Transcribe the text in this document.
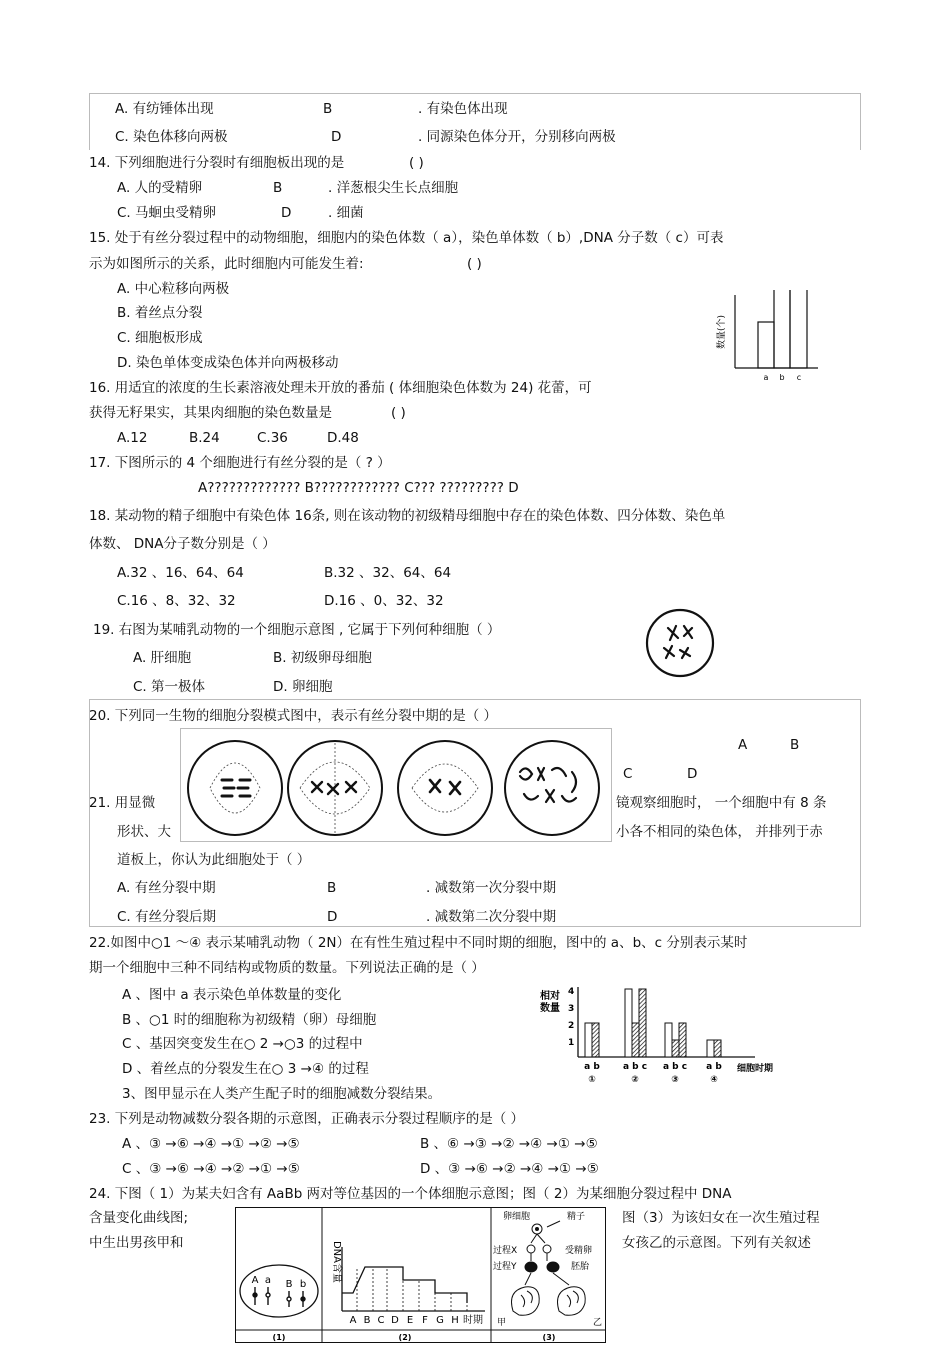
A. 有纺锤体出现	B	. 有染色体出现
C. 染色体移向两极	D	. 同源染色体分开，分别移向两极
14. 下列细胞进行分裂时有细胞板出现的是	( )
A. 人的受精卵	B	. 洋葱根尖生长点细胞
C. 马蛔虫受精卵	D	. 细菌
15. 处于有丝分裂过程中的动物细胞，细胞内的染色体数（ a），染色单体数（ b）,DNA 分子数（ c）可表
示为如图所示的关系，此时细胞内可能发生着:	( )
A. 中心粒移向两极
B. 着丝点分裂
C. 细胞板形成
D. 染色单体变成染色体并向两极移动
数量(个)
a b c
16. 用适宜的浓度的生长素溶液处理未开放的番茄 ( 体细胞染色体数为 24) 花蕾，可
获得无籽果实，其果肉细胞的染色数量是	( )
A.12	B.24	C.36	D.48
17. 下图所示的 4 个细胞进行有丝分裂的是（ ? ）
A????????????? B???????????? C??? ????????? D
18. 某动物的精子细胞中有染色体 16条, 则在该动物的初级精母细胞中存在的染色体数、四分体数、染色单
体数、 DNA分子数分别是（ ）
A.32 、16、64、64	B.32 、32、64、64
C.16 、8、32、32	D.16 、0、32、32
19. 右图为某哺乳动物的一个细胞示意图 , 它属于下列何种细胞（ ）
A. 肝细胞	B. 初级卵母细胞
C. 第一极体	D. 卵细胞
20. 下列同一生物的细胞分裂模式图中，表示有丝分裂中期的是（ ）
A	B
C	D
21. 用显微	镜观察细胞时， 一个细胞中有 8 条
形状、大	小各不相同的染色体， 并排列于赤
道板上，你认为此细胞处于（ ）
A. 有丝分裂中期	B	. 减数第一次分裂中期
C. 有丝分裂后期	D	. 减数第二次分裂中期
22.如图中○1 ～④ 表示某哺乳动物（ 2N）在有性生殖过程中不同时期的细胞，图中的 a、b、c 分别表示某时
期一个细胞中三种不同结构或物质的数量。下列说法正确的是（ ）
A 、图中 a 表示染色单体数量的变化
B 、○1 时的细胞称为初级精（卵）母细胞
C 、基因突变发生在○ 2 →○3 的过程中
D 、着丝点的分裂发生在○ 3 →④ 的过程
3、图甲显示在人类产生配子时的细胞减数分裂结果。
相对 数量
4
3
2
1
a b	a b c a b c a b
①	②	③	④
细胞时期
23. 下列是动物减数分裂各期的示意图，正确表示分裂过程顺序的是（ ）
A 、③ →⑥ →④ →① →② →⑤	B 、⑥ →③ →② →④ →① →⑤
C 、③ →⑥ →④ →② →① →⑤	D 、③ →⑥ →② →④ →① →⑤
24. 下图（ 1）为某夫妇含有 AaBb 两对等位基因的一个体细胞示意图；图（ 2）为某细胞分裂过程中 DNA
含量变化曲线图;	图（3）为该妇女在一次生殖过程
中生出男孩甲和	女孩乙的示意图。下列有关叙述
A a B b
(1)
DNA含量
A B C D E F G H 时期
(2)
卵细胞	精子
过程X
过程Y
受精卵
胚胎
甲	乙
(3)
